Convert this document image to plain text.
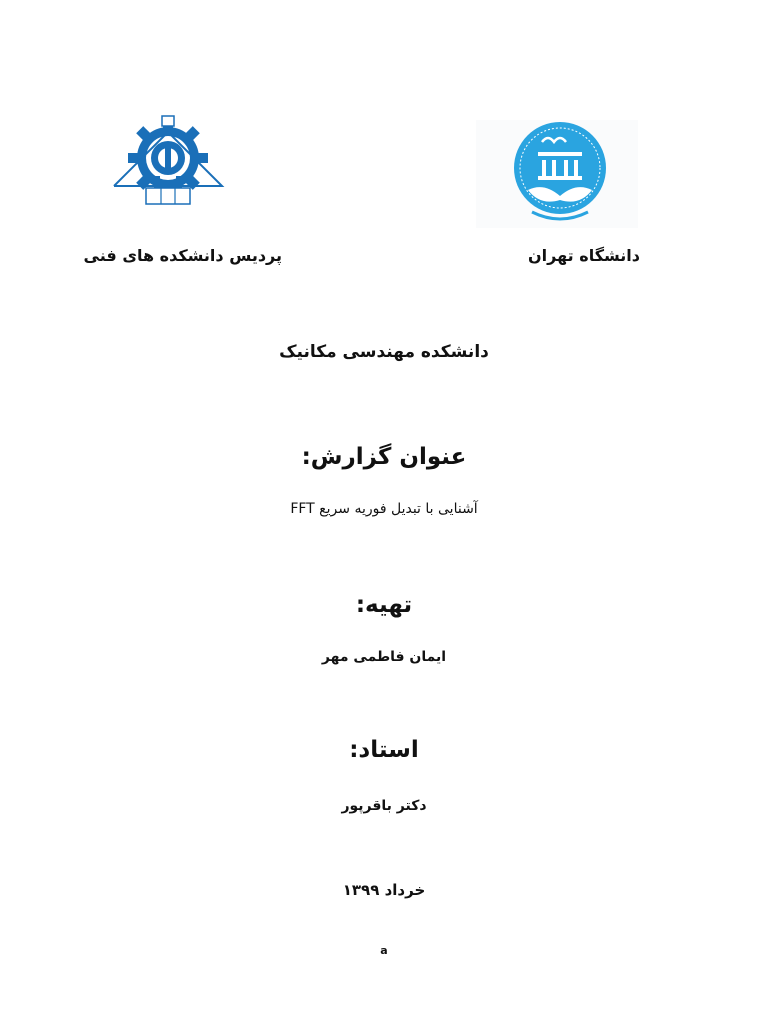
دانشگاه تهران
پردیس دانشکده های فنی
دانشکده مهندسی مکانیک
عنوان گزارش:
آشنایی با تبدیل فوریه سریع FFT
تهیه:
ایمان فاطمی مهر
استاد:
دکتر باقرپور
خرداد ۱۳۹۹
a
